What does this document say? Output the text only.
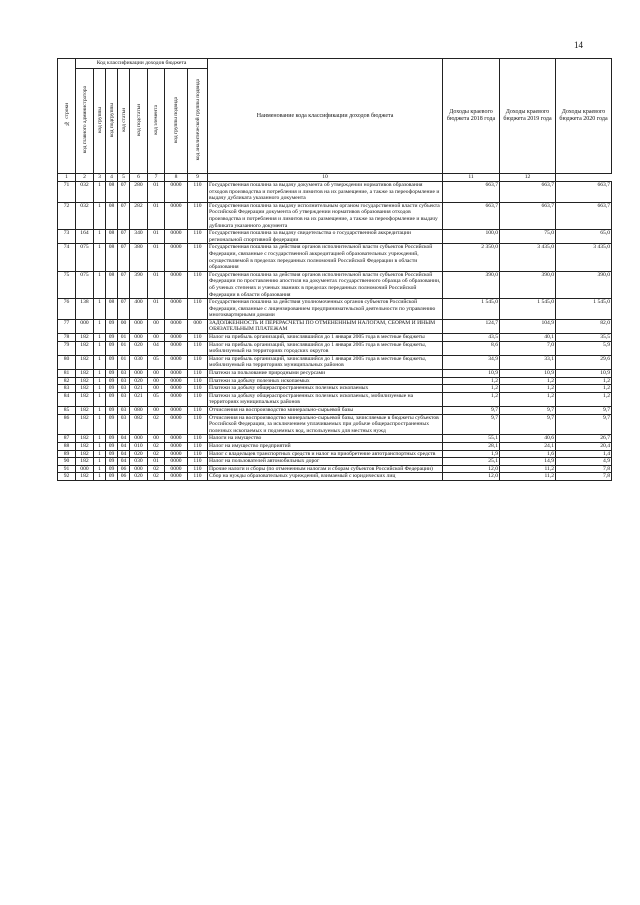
14
№ строки	Код классификации доходов бюджета								Наименование кода классификации доходов бюджета	Доходы краевого бюджета 2018 года	Доходы краевого бюджета 2019 года	Доходы краевого бюджета 2020 года
	код главного администратора	код группы	код подгруппы	код статьи	код подстатьи	код элемента	код группы подвида	код аналитической группы подвида				
1	2	3	4	5	6	7	8	9	10	11	12	
71	032	1	08	07	280	01	0000	110	Государственная пошлина за выдачу документа об утверждении нормативов образования отходов производства и потребления и лимитов на их размещение, а также за переоформление и выдачу дубликата указанного документа	663,7	663,7	663,7
72	032	1	08	07	282	01	0000	110	Государственная пошлина за выдачу исполнительным органом государственной власти субъекта Российской Федерации документа об утверждении нормативов образования отходов производства и потребления и лимитов на их размещение, а также за переоформление и выдачу дубликата указанного документа	663,7	663,7	663,7
73	164	1	08	07	340	01	0000	110	Государственная пошлина за выдачу свидетельства о государственной аккредитации региональной спортивной федерации	100,0	75,0	65,0
74	075	1	08	07	380	01	0000	110	Государственная пошлина за действия органов исполнительной власти субъектов Российской Федерации, связанные с государственной аккредитацией образовательных учреждений, осуществляемой в пределах переданных полномочий Российской Федерации в области образования	2 350,0	3 435,0	3 435,0
75	075	1	08	07	390	01	0000	110	Государственная пошлина за действия органов исполнительной власти субъектов Российской Федерации по проставлению апостиля на документах государственного образца об образовании, об ученых степенях и ученых званиях в пределах переданных полномочий Российской Федерации в области образования	390,0	390,0	390,0
76	138	1	08	07	400	01	0000	110	Государственная пошлина за действия уполномоченных органов субъектов Российской Федерации, связанные с лицензированием предпринимательской деятельности по управлению многоквартирными домами	1 545,0	1 545,0	1 545,0
77	000	1	09	00	000	00	0000	000	ЗАДОЛЖЕННОСТЬ И ПЕРЕРАСЧЕТЫ ПО ОТМЕНЕННЫМ НАЛОГАМ, СБОРАМ И ИНЫМ ОБЯЗАТЕЛЬНЫМ ПЛАТЕЖАМ	124,7	104,9	82,0
78	182	1	09	01	000	00	0000	110	Налог на прибыль организаций, зачислявшийся до 1 января 2005 года в местные бюджеты	43,5	40,1	35,5
79	182	1	09	01	020	04	0000	110	Налог на прибыль организаций, зачислявшийся до 1 января 2005 года в местные бюджеты, мобилизуемый на территориях городских округов	8,6	7,0	5,9
80	182	1	09	01	030	05	0000	110	Налог на прибыль организаций, зачислявшийся до 1 января 2005 года в местные бюджеты, мобилизуемый на территориях муниципальных районов	34,9	33,1	29,6
81	182	1	09	03	000	00	0000	110	Платежи за пользование природными ресурсами	10,9	10,9	10,9
82	182	1	09	03	020	00	0000	110	Платежи за добычу полезных ископаемых	1,2	1,2	1,2
83	182	1	09	03	021	00	0000	110	Платежи за добычу общераспространенных полезных ископаемых	1,2	1,2	1,2
84	182	1	09	03	021	05	0000	110	Платежи за добычу общераспространенных полезных ископаемых, мобилизуемые на территориях муниципальных районов	1,2	1,2	1,2
85	182	1	09	03	080	00	0000	110	Отчисления на воспроизводство минерально-сырьевой базы	9,7	9,7	9,7
86	182	1	09	03	082	02	0000	110	Отчисления на воспроизводство минерально-сырьевой базы, зачисляемые в бюджеты субъектов Российской Федерации, за исключением уплачиваемых при добыче общераспространенных полезных ископаемых и подземных вод, используемых для местных нужд	9,7	9,7	9,7
87	182	1	09	04	000	00	0000	110	Налоги на имущество	55,1	40,6	26,7
88	182	1	09	04	010	02	0000	110	Налог на имущество предприятий	28,1	24,1	20,4
89	182	1	09	04	020	02	0000	110	Налог с владельцев транспортных средств и налог на приобретение автотранспортных средств	1,9	1,6	1,4
90	182	1	09	04	030	01	0000	110	Налог на пользователей автомобильных дорог	25,1	14,9	4,9
91	000	1	09	06	000	02	0000	110	Прочие налоги и сборы (по отмененным налогам и сборам субъектов Российской Федерации)	12,0	11,2	7,8
92	182	1	09	06	020	02	0000	110	Сбор на нужды образовательных учреждений, взимаемый с юридических лиц	12,0	11,2	7,8
